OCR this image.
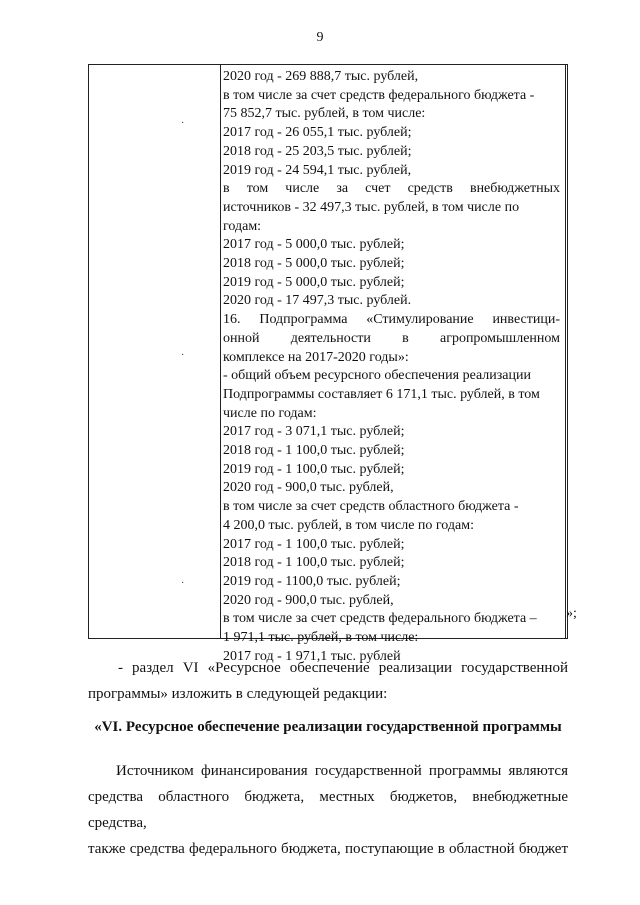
9
·
·
·
2020 год - 269 888,7 тыс. рублей,
в том числе за счет средств федерального бюджета -
75 852,7 тыс. рублей, в том числе:
2017 год - 26 055,1 тыс. рублей;
2018 год - 25 203,5 тыс. рублей;
2019 год - 24 594,1 тыс. рублей,
в том числе за счет средств внебюджетных
источников - 32 497,3 тыс. рублей, в том числе по
годам:
2017 год - 5 000,0 тыс. рублей;
2018 год - 5 000,0 тыс. рублей;
2019 год - 5 000,0 тыс. рублей;
2020 год - 17 497,3 тыс. рублей.
16. Подпрограмма «Стимулирование инвестици-
онной деятельности в агропромышленном
комплексе на 2017-2020 годы»:
- общий объем ресурсного обеспечения реализации
Подпрограммы составляет 6 171,1 тыс. рублей, в том
числе по годам:
2017 год - 3 071,1 тыс. рублей;
2018 год - 1 100,0 тыс. рублей;
2019 год - 1 100,0 тыс. рублей;
2020 год - 900,0 тыс. рублей,
в том числе за счет средств областного бюджета -
4 200,0 тыс. рублей, в том числе по годам:
2017 год - 1 100,0 тыс. рублей;
2018 год - 1 100,0 тыс. рублей;
2019 год - 1100,0 тыс. рублей;
2020 год - 900,0 тыс. рублей,
в том числе за счет средств федерального бюджета –
1 971,1 тыс. рублей, в том числе:
2017 год - 1 971,1 тыс. рублей
»;
- раздел VI «Ресурсное обеспечение реализации государственной
программы» изложить в следующей редакции:
«VI. Ресурсное обеспечение реализации государственной программы
Источником финансирования государственной программы являются
средства областного бюджета, местных бюджетов, внебюджетные средства,
также средства федерального бюджета, поступающие в областной бюджет
